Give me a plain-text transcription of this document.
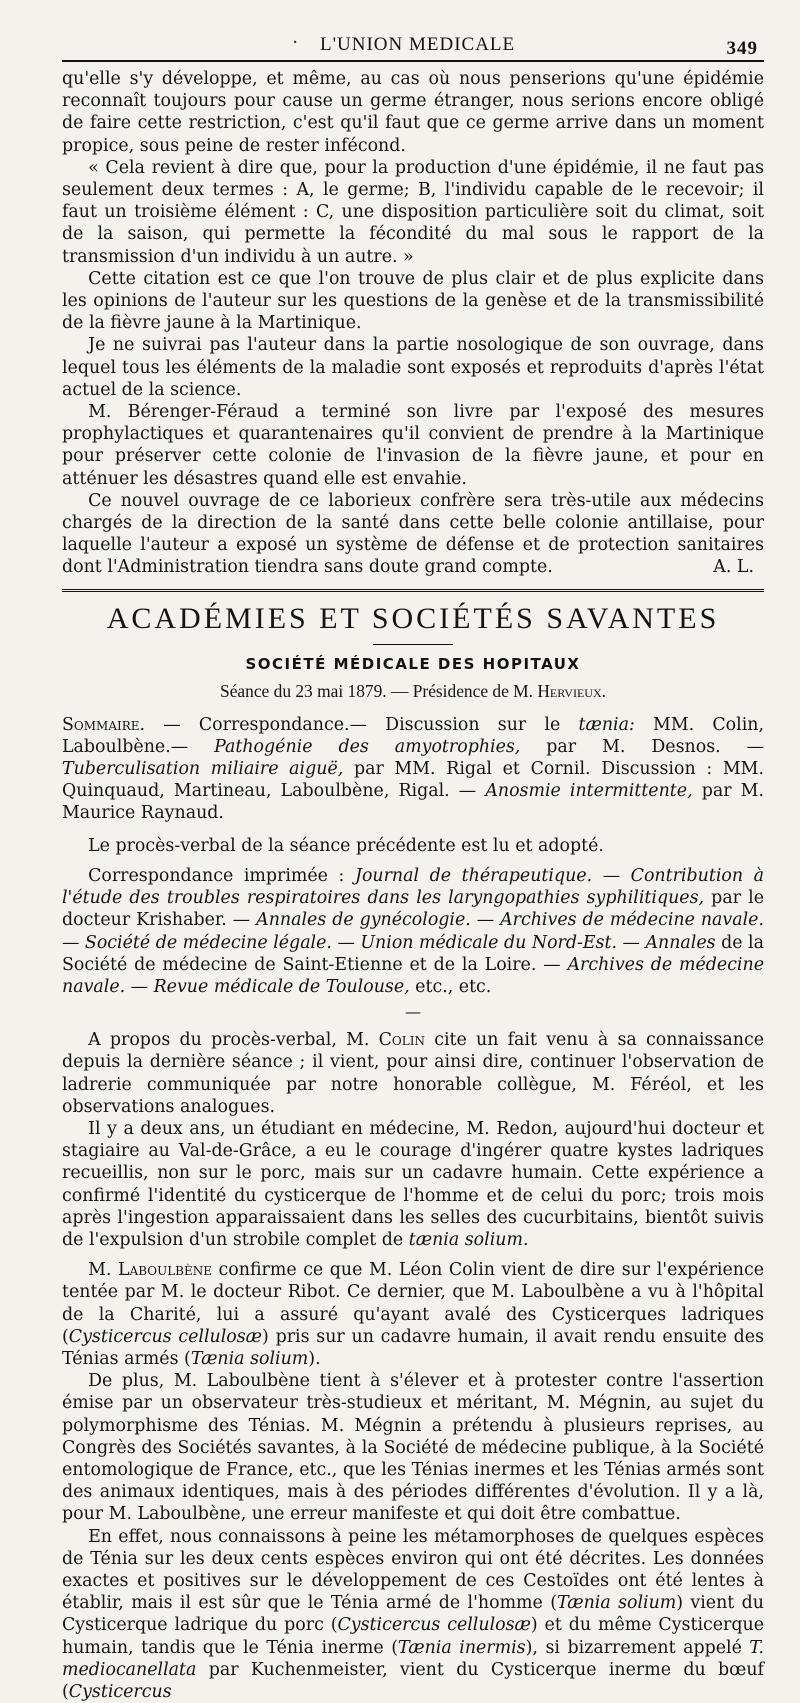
· L'UNION MEDICALE	349

qu'elle s'y développe, et même, au cas où nous penserions qu'une épidémie reconnaît toujours pour cause un germe étranger, nous serions encore obligé de faire cette restriction, c'est qu'il faut que ce germe arrive dans un moment propice, sous peine de rester infécond.

« Cela revient à dire que, pour la production d'une épidémie, il ne faut pas seulement deux termes : A, le germe; B, l'individu capable de le recevoir; il faut un troisième élément : C, une disposition particulière soit du climat, soit de la saison, qui permette la fécondité du mal sous le rapport de la transmission d'un individu à un autre. »

Cette citation est ce que l'on trouve de plus clair et de plus explicite dans les opinions de l'auteur sur les questions de la genèse et de la transmissibilité de la fièvre jaune à la Martinique.

Je ne suivrai pas l'auteur dans la partie nosologique de son ouvrage, dans lequel tous les éléments de la maladie sont exposés et reproduits d'après l'état actuel de la science.

M. Bérenger-Féraud a terminé son livre par l'exposé des mesures prophylactiques et quarantenaires qu'il convient de prendre à la Martinique pour préserver cette colonie de l'invasion de la fièvre jaune, et pour en atténuer les désastres quand elle est envahie.

Ce nouvel ouvrage de ce laborieux confrère sera très-utile aux médecins chargés de la direction de la santé dans cette belle colonie antillaise, pour laquelle l'auteur a exposé un système de défense et de protection sanitaires dont l'Administration tiendra sans doute grand compte.	A. L.

ACADÉMIES ET SOCIÉTÉS SAVANTES
SOCIÉTÉ MÉDICALE DES HOPITAUX
Séance du 23 mai 1879. — Présidence de M. Hervieux.

Sommaire. — Correspondance.— Discussion sur le tænia: MM. Colin, Laboulbène.— Pathogénie des amyotrophies, par M. Desnos. — Tuberculisation miliaire aiguë, par MM. Rigal et Cornil. Discussion : MM. Quinquaud, Martineau, Laboulbène, Rigal. — Anosmie intermittente, par M. Maurice Raynaud.

Le procès-verbal de la séance précédente est lu et adopté.

Correspondance imprimée : Journal de thérapeutique. — Contribution à l'étude des troubles respiratoires dans les laryngopathies syphilitiques, par le docteur Krishaber. — Annales de gynécologie. — Archives de médecine navale. — Société de médecine légale. — Union médicale du Nord-Est. — Annales de la Société de médecine de Saint-Etienne et de la Loire. — Archives de médecine navale. — Revue médicale de Toulouse, etc., etc.

—

A propos du procès-verbal, M. Colin cite un fait venu à sa connaissance depuis la dernière séance ; il vient, pour ainsi dire, continuer l'observation de ladrerie communiquée par notre honorable collègue, M. Féréol, et les observations analogues.

Il y a deux ans, un étudiant en médecine, M. Redon, aujourd'hui docteur et stagiaire au Val-de-Grâce, a eu le courage d'ingérer quatre kystes ladriques recueillis, non sur le porc, mais sur un cadavre humain. Cette expérience a confirmé l'identité du cysticerque de l'homme et de celui du porc; trois mois après l'ingestion apparaissaient dans les selles des cucurbitains, bientôt suivis de l'expulsion d'un strobile complet de tænia solium.

M. Laboulbène confirme ce que M. Léon Colin vient de dire sur l'expérience tentée par M. le docteur Ribot. Ce dernier, que M. Laboulbène a vu à l'hôpital de la Charité, lui a assuré qu'ayant avalé des Cysticerques ladriques (Cysticercus cellulosæ) pris sur un cadavre humain, il avait rendu ensuite des Ténias armés (Tænia solium).

De plus, M. Laboulbène tient à s'élever et à protester contre l'assertion émise par un observateur très-studieux et méritant, M. Mégnin, au sujet du polymorphisme des Ténias. M. Mégnin a prétendu à plusieurs reprises, au Congrès des Sociétés savantes, à la Société de médecine publique, à la Société entomologique de France, etc., que les Ténias inermes et les Ténias armés sont des animaux identiques, mais à des périodes différentes d'évolution. Il y a là, pour M. Laboulbène, une erreur manifeste et qui doit être combattue.

En effet, nous connaissons à peine les métamorphoses de quelques espèces de Ténia sur les deux cents espèces environ qui ont été décrites. Les données exactes et positives sur le développement de ces Cestoïdes ont été lentes à établir, mais il est sûr que le Ténia armé de l'homme (Tænia solium) vient du Cysticerque ladrique du porc (Cysticercus cellulosæ) et du même Cysticerque humain, tandis que le Ténia inerme (Tænia inermis), si bizarrement appelé T. mediocanellata par Kuchenmeister, vient du Cysticerque inerme du bœuf (Cysticercus
